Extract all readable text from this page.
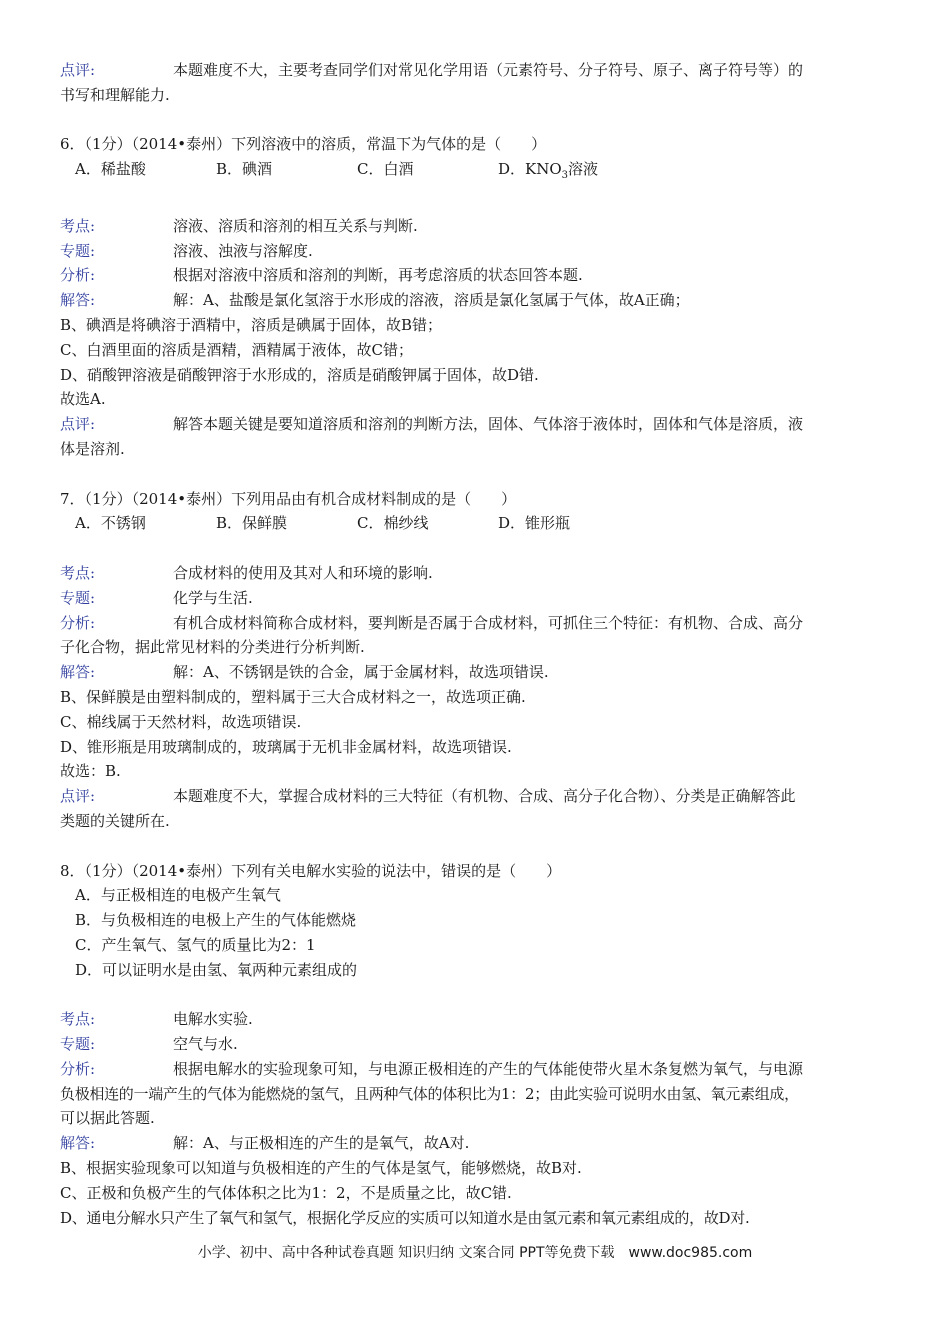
点评:	本题难度不大，主要考查同学们对常见化学用语（元素符号、分子符号、原子、离子符号等）的
书写和理解能力.
6．（1分）（2014•泰州）下列溶液中的溶质，常温下为气体的是（　　）
A．稀盐酸	B．碘酒	C．白酒	D．$KNO_3$溶液
考点:	溶液、溶质和溶剂的相互关系与判断.
专题:	溶液、浊液与溶解度.
分析:	根据对溶液中溶质和溶剂的判断，再考虑溶质的状态回答本题.
解答:	解：A、盐酸是氯化氢溶于水形成的溶液，溶质是氯化氢属于气体，故A正确；
B、碘酒是将碘溶于酒精中，溶质是碘属于固体，故B错；
C、白酒里面的溶质是酒精，酒精属于液体，故C错；
D、硝酸钾溶液是硝酸钾溶于水形成的，溶质是硝酸钾属于固体，故D错.
故选A.
点评:	解答本题关键是要知道溶质和溶剂的判断方法，固体、气体溶于液体时，固体和气体是溶质，液
体是溶剂.
7．（1分）（2014•泰州）下列用品由有机合成材料制成的是（　　）
A．不锈钢	B．保鲜膜	C．棉纱线	D．锥形瓶
考点:	合成材料的使用及其对人和环境的影响.
专题:	化学与生活.
分析:	有机合成材料简称合成材料，要判断是否属于合成材料，可抓住三个特征：有机物、合成、高分
子化合物，据此常见材料的分类进行分析判断.
解答:	解：A、不锈钢是铁的合金，属于金属材料，故选项错误.
B、保鲜膜是由塑料制成的，塑料属于三大合成材料之一，故选项正确.
C、棉线属于天然材料，故选项错误.
D、锥形瓶是用玻璃制成的，玻璃属于无机非金属材料，故选项错误.
故选：B.
点评:	本题难度不大，掌握合成材料的三大特征（有机物、合成、高分子化合物）、分类是正确解答此
类题的关键所在.
8．（1分）（2014•泰州）下列有关电解水实验的说法中，错误的是（　　）
A．与正极相连的电极产生氧气
B．与负极相连的电极上产生的气体能燃烧
C．产生氧气、氢气的质量比为2：1
D．可以证明水是由氢、氧两种元素组成的
考点:	电解水实验.
专题:	空气与水.
分析:	根据电解水的实验现象可知，与电源正极相连的产生的气体能使带火星木条复燃为氧气，与电源
负极相连的一端产生的气体为能燃烧的氢气，且两种气体的体积比为1：2；由此实验可说明水由氢、氧元素组成，
可以据此答题.
解答:	解：A、与正极相连的产生的是氧气，故A对.
B、根据实验现象可以知道与负极相连的产生的气体是氢气，能够燃烧，故B对.
C、正极和负极产生的气体体积之比为1：2，不是质量之比，故C错.
D、通电分解水只产生了氧气和氢气，根据化学反应的实质可以知道水是由氢元素和氧元素组成的，故D对.
小学、初中、高中各种试卷真题 知识归纳 文案合同 PPT等免费下载　www.doc985.com
